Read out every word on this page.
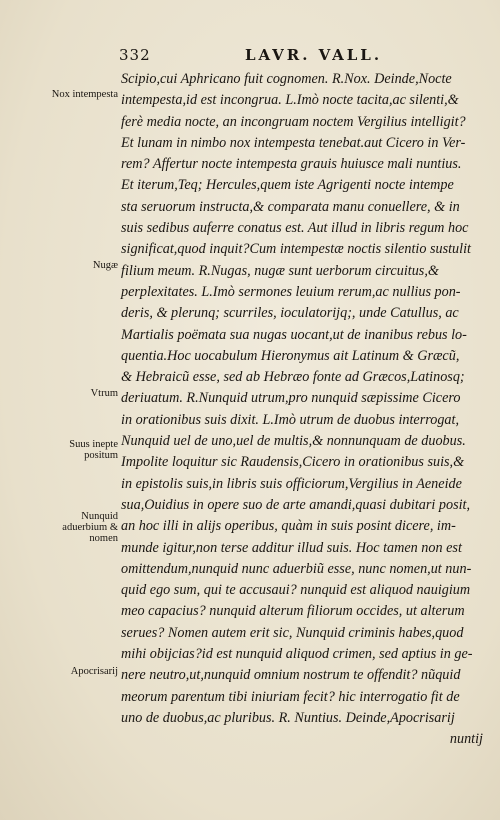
332	LAVR. VALL.
Scipio,cui Aphricano fuit cognomen. R.Nox. Deinde,Nocte
intempesta,id est incongrua. L.Imò nocte tacita,ac silenti,&
ferè media nocte, an incongruam noctem Vergilius intelligit?
Et lunam in nimbo nox intempesta tenebat.aut Cicero in Ver-
rem? Affertur nocte intempesta grauis huiusce mali nuntius.
Et iterum,Teq; Hercules,quem iste Agrigenti nocte intempe
sta seruorum instructa,& comparata manu conuellere, & in
suis sedibus auferre conatus est. Aut illud in libris regum hoc
significat,quod inquit?Cum intempestæ noctis silentio sustulit
filium meum. R.Nugas, nugæ sunt uerborum circuitus,&
perplexitates. L.Imò sermones leuium rerum,ac nullius pon-
deris, & plerunq; scurriles, ioculatorijq;, unde Catullus, ac
Martialis poëmata sua nugas uocant,ut de inanibus rebus lo-
quentia.Hoc uocabulum Hieronymus ait Latinum & Græcũ,
& Hebraicũ esse, sed ab Hebræo fonte ad Græcos,Latinosq;
deriuatum. R.Nunquid utrum,pro nunquid sæpissime Cicero
in orationibus suis dixit. L.Imò utrum de duobus interrogat,
Nunquid uel de uno,uel de multis,& nonnunquam de duobus.
Impolite loquitur sic Raudensis,Cicero in orationibus suis,&
in epistolis suis,in libris suis officiorum,Vergilius in Aeneide
sua,Ouidius in opere suo de arte amandi,quasi dubitari posit,
an hoc illi in alijs operibus, quàm in suis posint dicere, im-
munde igitur,non terse additur illud suis. Hoc tamen non est
omittendum,nunquid nunc aduerbiũ esse, nunc nomen,ut nun-
quid ego sum, qui te accusaui? nunquid est aliquod nauigium
meo capacius? nunquid alterum filiorum occides, ut alterum
serues? Nomen autem erit sic, Nunquid criminis habes,quod
mihi obijcias?id est nunquid aliquod crimen, sed aptius in ge-
nere neutro,ut,nunquid omnium nostrum te offendit? nũquid
meorum parentum tibi iniuriam fecit? hic interrogatio fit de
uno de duobus,ac pluribus. R. Nuntius. Deinde,Apocrisarij
nuntij
Nox intempesta
Nugæ
Vtrum
Suus inepte positum
Nunquid aduerbium & nomen
Apocrisarij
